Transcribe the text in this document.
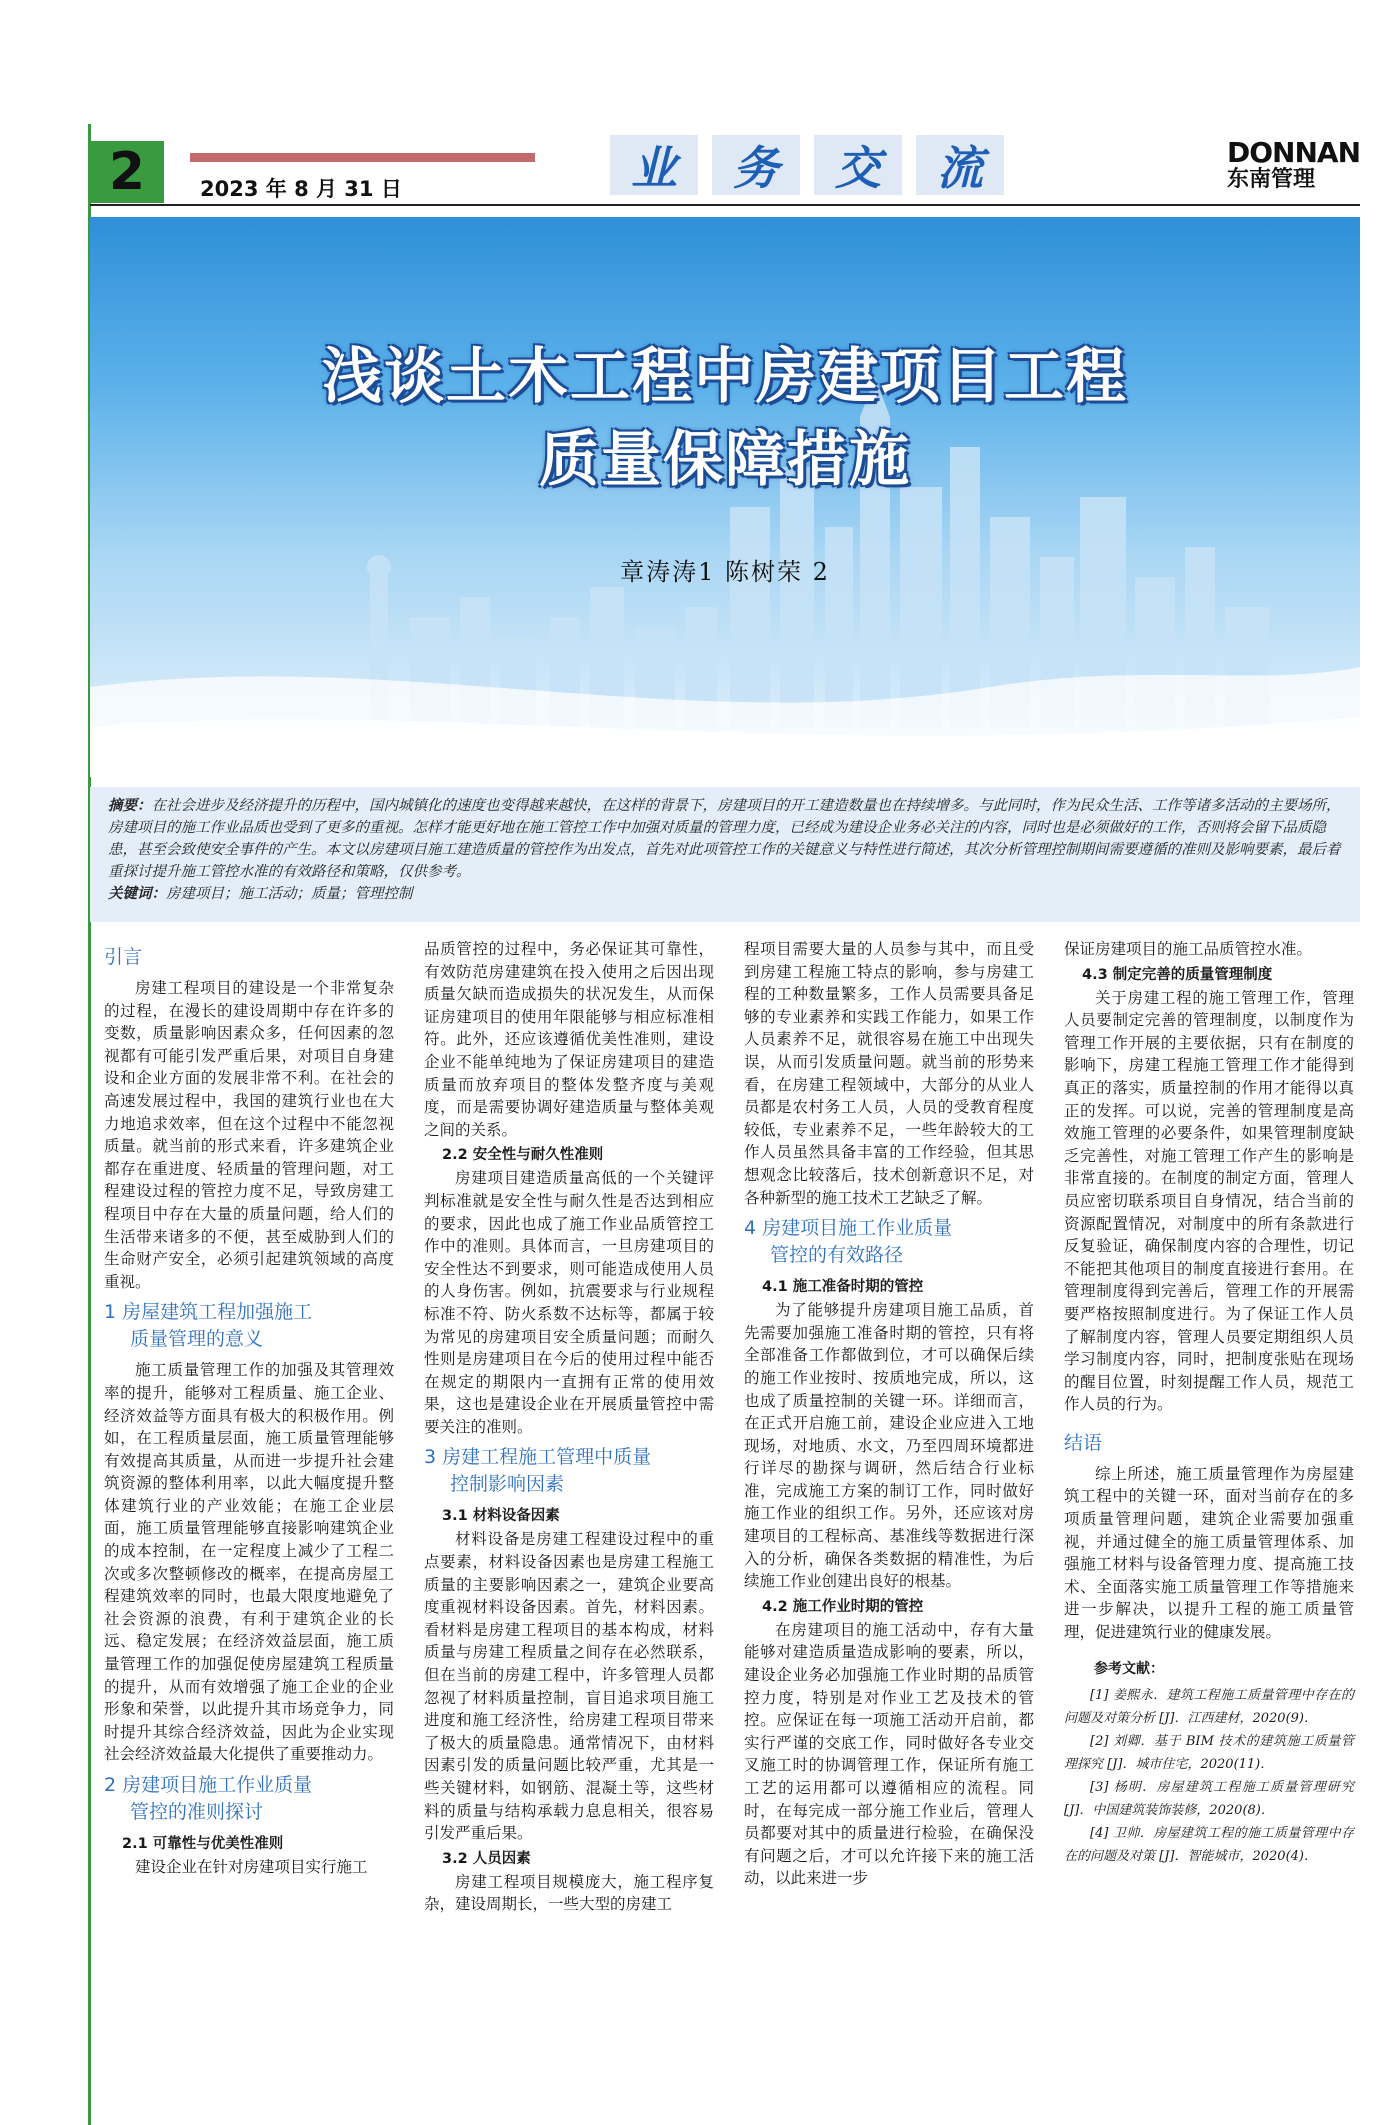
2	2023 年 8 月 31 日	业	务	交	流	DONNAN
东南管理
浅谈土木工程中房建项目工程
质量保障措施
章涛涛1 陈树荣 2

摘要：在社会进步及经济提升的历程中，国内城镇化的速度也变得越来越快，在这样的背景下，房建项目的开工建造数量也在持续增多。与此同时，作为民众生活、工作等诸多活动的主要场所，房建项目的施工作业品质也受到了更多的重视。怎样才能更好地在施工管控工作中加强对质量的管理力度，已经成为建设企业务必关注的内容，同时也是必须做好的工作，否则将会留下品质隐患，甚至会致使安全事件的产生。本文以房建项目施工建造质量的管控作为出发点，首先对此项管控工作的关键意义与特性进行简述，其次分析管理控制期间需要遵循的准则及影响要素，最后着重探讨提升施工管控水准的有效路径和策略，仅供参考。

关键词：房建项目；施工活动；质量；管理控制

引言

房建工程项目的建设是一个非常复杂的过程，在漫长的建设周期中存在许多的变数，质量影响因素众多，任何因素的忽视都有可能引发严重后果，对项目自身建设和企业方面的发展非常不利。在社会的高速发展过程中，我国的建筑行业也在大力地追求效率，但在这个过程中不能忽视质量。就当前的形式来看，许多建筑企业都存在重进度、轻质量的管理问题，对工程建设过程的管控力度不足，导致房建工程项目中存在大量的质量问题，给人们的生活带来诸多的不便，甚至威胁到人们的生命财产安全，必须引起建筑领域的高度重视。

1 房屋建筑工程加强施工
质量管理的意义

施工质量管理工作的加强及其管理效率的提升，能够对工程质量、施工企业、经济效益等方面具有极大的积极作用。例如，在工程质量层面，施工质量管理能够有效提高其质量，从而进一步提升社会建筑资源的整体利用率，以此大幅度提升整体建筑行业的产业效能；在施工企业层面，施工质量管理能够直接影响建筑企业的成本控制，在一定程度上减少了工程二次或多次整顿修改的概率，在提高房屋工程建筑效率的同时，也最大限度地避免了社会资源的浪费，有利于建筑企业的长远、稳定发展；在经济效益层面，施工质量管理工作的加强促使房屋建筑工程质量的提升，从而有效增强了施工企业的企业形象和荣誉，以此提升其市场竞争力，同时提升其综合经济效益，因此为企业实现社会经济效益最大化提供了重要推动力。

2 房建项目施工作业质量
管控的准则探讨
2.1 可靠性与优美性准则

建设企业在针对房建项目实行施工

品质管控的过程中，务必保证其可靠性，有效防范房建建筑在投入使用之后因出现质量欠缺而造成损失的状况发生，从而保证房建项目的使用年限能够与相应标准相符。此外，还应该遵循优美性准则，建设企业不能单纯地为了保证房建项目的建造质量而放弃项目的整体发整齐度与美观度，而是需要协调好建造质量与整体美观之间的关系。

2.2 安全性与耐久性准则

房建项目建造质量高低的一个关键评判标准就是安全性与耐久性是否达到相应的要求，因此也成了施工作业品质管控工作中的准则。具体而言，一旦房建项目的安全性达不到要求，则可能造成使用人员的人身伤害。例如，抗震要求与行业规程标准不符、防火系数不达标等，都属于较为常见的房建项目安全质量问题；而耐久性则是房建项目在今后的使用过程中能否在规定的期限内一直拥有正常的使用效果，这也是建设企业在开展质量管控中需要关注的准则。

3 房建工程施工管理中质量
控制影响因素
3.1 材料设备因素

材料设备是房建工程建设过程中的重点要素，材料设备因素也是房建工程施工质量的主要影响因素之一，建筑企业要高度重视材料设备因素。首先，材料因素。看材料是房建工程项目的基本构成，材料质量与房建工程质量之间存在必然联系，但在当前的房建工程中，许多管理人员都忽视了材料质量控制，盲目追求项目施工进度和施工经济性，给房建工程项目带来了极大的质量隐患。通常情况下，由材料因素引发的质量问题比较严重，尤其是一些关键材料，如钢筋、混凝土等，这些材料的质量与结构承载力息息相关，很容易引发严重后果。

3.2 人员因素

房建工程项目规模庞大，施工程序复杂，建设周期长，一些大型的房建工

程项目需要大量的人员参与其中，而且受到房建工程施工特点的影响，参与房建工程的工种数量繁多，工作人员需要具备足够的专业素养和实践工作能力，如果工作人员素养不足，就很容易在施工中出现失误，从而引发质量问题。就当前的形势来看，在房建工程领域中，大部分的从业人员都是农村务工人员，人员的受教育程度较低，专业素养不足，一些年龄较大的工作人员虽然具备丰富的工作经验，但其思想观念比较落后，技术创新意识不足，对各种新型的施工技术工艺缺乏了解。

4 房建项目施工作业质量
管控的有效路径
4.1 施工准备时期的管控

为了能够提升房建项目施工品质，首先需要加强施工准备时期的管控，只有将全部准备工作都做到位，才可以确保后续的施工作业按时、按质地完成，所以，这也成了质量控制的关键一环。详细而言，在正式开启施工前，建设企业应进入工地现场，对地质、水文，乃至四周环境都进行详尽的勘探与调研，然后结合行业标准，完成施工方案的制订工作，同时做好施工作业的组织工作。另外，还应该对房建项目的工程标高、基准线等数据进行深入的分析，确保各类数据的精准性，为后续施工作业创建出良好的根基。

4.2 施工作业时期的管控

在房建项目的施工活动中，存有大量能够对建造质量造成影响的要素，所以，建设企业务必加强施工作业时期的品质管控力度，特别是对作业工艺及技术的管控。应保证在每一项施工活动开启前，都实行严谨的交底工作，同时做好各专业交叉施工时的协调管理工作，保证所有施工工艺的运用都可以遵循相应的流程。同时，在每完成一部分施工作业后，管理人员都要对其中的质量进行检验，在确保没有问题之后，才可以允许接下来的施工活动，以此来进一步

保证房建项目的施工品质管控水准。

4.3 制定完善的质量管理制度

关于房建工程的施工管理工作，管理人员要制定完善的管理制度，以制度作为管理工作开展的主要依据，只有在制度的影响下，房建工程施工管理工作才能得到真正的落实，质量控制的作用才能得以真正的发挥。可以说，完善的管理制度是高效施工管理的必要条件，如果管理制度缺乏完善性，对施工管理工作产生的影响是非常直接的。在制度的制定方面，管理人员应密切联系项目自身情况，结合当前的资源配置情况，对制度中的所有条款进行反复验证，确保制度内容的合理性，切记不能把其他项目的制度直接进行套用。在管理制度得到完善后，管理工作的开展需要严格按照制度进行。为了保证工作人员了解制度内容，管理人员要定期组织人员学习制度内容，同时，把制度张贴在现场的醒目位置，时刻提醒工作人员，规范工作人员的行为。

结语

综上所述，施工质量管理作为房屋建筑工程中的关键一环，面对当前存在的多项质量管理问题，建筑企业需要加强重视，并通过健全的施工质量管理体系、加强施工材料与设备管理力度、提高施工技术、全面落实施工质量管理工作等措施来进一步解决，以提升工程的施工质量管理，促进建筑行业的健康发展。

参考文献：

[1] 姜熙永．建筑工程施工质量管理中存在的问题及对策分析 [J]．江西建材，2020(9)．

[2] 刘卿．基于 BIM 技术的建筑施工质量管理探究 [J]．城市住宅，2020(11)．

[3] 杨明．房屋建筑工程施工质量管理研究 [J]．中国建筑装饰装修，2020(8)．

[4] 卫帅．房屋建筑工程的施工质量管理中存在的问题及对策 [J]．智能城市，2020(4)．
